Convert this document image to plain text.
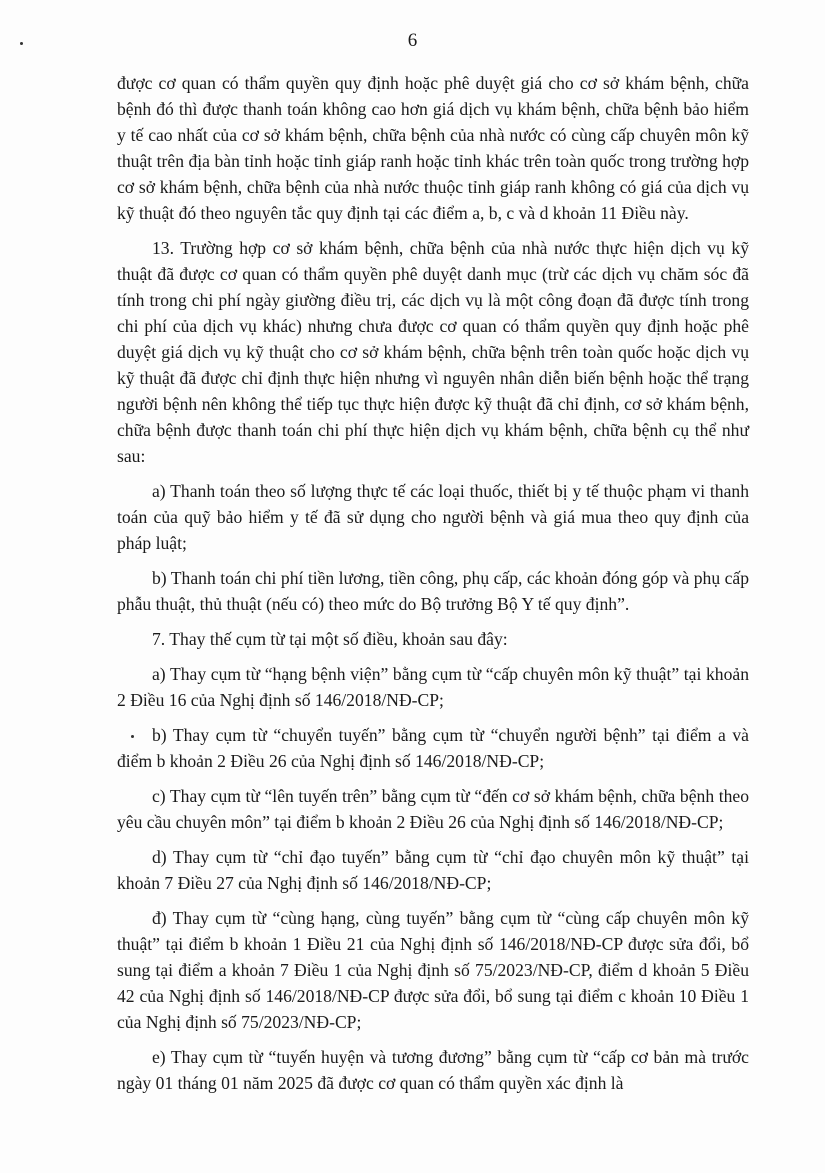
6

được cơ quan có thẩm quyền quy định hoặc phê duyệt giá cho cơ sở khám bệnh, chữa bệnh đó thì được thanh toán không cao hơn giá dịch vụ khám bệnh, chữa bệnh bảo hiểm y tế cao nhất của cơ sở khám bệnh, chữa bệnh của nhà nước có cùng cấp chuyên môn kỹ thuật trên địa bàn tỉnh hoặc tỉnh giáp ranh hoặc tỉnh khác trên toàn quốc trong trường hợp cơ sở khám bệnh, chữa bệnh của nhà nước thuộc tỉnh giáp ranh không có giá của dịch vụ kỹ thuật đó theo nguyên tắc quy định tại các điểm a, b, c và d khoản 11 Điều này.

13. Trường hợp cơ sở khám bệnh, chữa bệnh của nhà nước thực hiện dịch vụ kỹ thuật đã được cơ quan có thẩm quyền phê duyệt danh mục (trừ các dịch vụ chăm sóc đã tính trong chi phí ngày giường điều trị, các dịch vụ là một công đoạn đã được tính trong chi phí của dịch vụ khác) nhưng chưa được cơ quan có thẩm quyền quy định hoặc phê duyệt giá dịch vụ kỹ thuật cho cơ sở khám bệnh, chữa bệnh trên toàn quốc hoặc dịch vụ kỹ thuật đã được chỉ định thực hiện nhưng vì nguyên nhân diễn biến bệnh hoặc thể trạng người bệnh nên không thể tiếp tục thực hiện được kỹ thuật đã chỉ định, cơ sở khám bệnh, chữa bệnh được thanh toán chi phí thực hiện dịch vụ khám bệnh, chữa bệnh cụ thể như sau:

a) Thanh toán theo số lượng thực tế các loại thuốc, thiết bị y tế thuộc phạm vi thanh toán của quỹ bảo hiểm y tế đã sử dụng cho người bệnh và giá mua theo quy định của pháp luật;

b) Thanh toán chi phí tiền lương, tiền công, phụ cấp, các khoản đóng góp và phụ cấp phẫu thuật, thủ thuật (nếu có) theo mức do Bộ trưởng Bộ Y tế quy định”.

7. Thay thế cụm từ tại một số điều, khoản sau đây:

a) Thay cụm từ “hạng bệnh viện” bằng cụm từ “cấp chuyên môn kỹ thuật” tại khoản 2 Điều 16 của Nghị định số 146/2018/NĐ-CP;

b) Thay cụm từ “chuyển tuyến” bằng cụm từ “chuyển người bệnh” tại điểm a và điểm b khoản 2 Điều 26 của Nghị định số 146/2018/NĐ-CP;

c) Thay cụm từ “lên tuyến trên” bằng cụm từ “đến cơ sở khám bệnh, chữa bệnh theo yêu cầu chuyên môn” tại điểm b khoản 2 Điều 26 của Nghị định số 146/2018/NĐ-CP;

d) Thay cụm từ “chỉ đạo tuyến” bằng cụm từ “chỉ đạo chuyên môn kỹ thuật” tại khoản 7 Điều 27 của Nghị định số 146/2018/NĐ-CP;

đ) Thay cụm từ “cùng hạng, cùng tuyến” bằng cụm từ “cùng cấp chuyên môn kỹ thuật” tại điểm b khoản 1 Điều 21 của Nghị định số 146/2018/NĐ-CP được sửa đổi, bổ sung tại điểm a khoản 7 Điều 1 của Nghị định số 75/2023/NĐ-CP, điểm d khoản 5 Điều 42 của Nghị định số 146/2018/NĐ-CP được sửa đổi, bổ sung tại điểm c khoản 10 Điều 1 của Nghị định số 75/2023/NĐ-CP;

e) Thay cụm từ “tuyến huyện và tương đương” bằng cụm từ “cấp cơ bản mà trước ngày 01 tháng 01 năm 2025 đã được cơ quan có thẩm quyền xác định là
